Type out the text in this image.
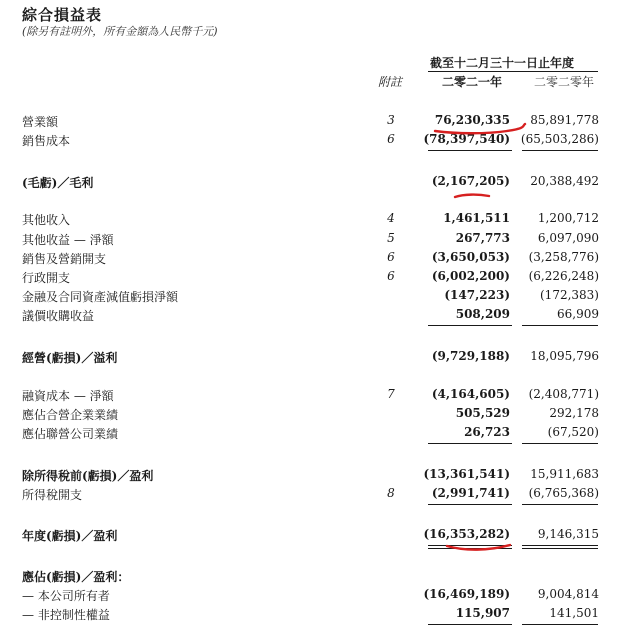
綜合損益表
(除另有註明外，所有金額為人民幣千元)
截至十二月三十一日止年度
附註	二零二一年	二零二零年
營業額	3	76,230,335 85,891,778
銷售成本	6 (78,397,540) (65,503,286)
(毛虧)／毛利	(2,167,205) 20,388,492
其他收入	4	1,461,511 1,200,712
其他收益 — 淨額	5	267,773 6,097,090
銷售及營銷開支	6	(3,650,053) (3,258,776)
行政開支	6	(6,002,200) (6,226,248)
金融及合同資產減值虧損淨額	(147,223)	(172,383)
議價收購收益	508,209	66,909
經營(虧損)／溢利	(9,729,188) 18,095,796
融資成本 — 淨額	7	(4,164,605) (2,408,771)
應佔合營企業業績	505,529	292,178
應佔聯營公司業績	26,723	(67,520)
除所得稅前(虧損)／盈利	(13,361,541) 15,911,683
所得稅開支	8	(2,991,741) (6,765,368)
年度(虧損)／盈利	(16,353,282) 9,146,315
應佔(虧損)／盈利：
— 本公司所有者	(16,469,189) 9,004,814
— 非控制性權益	115,907	141,501
